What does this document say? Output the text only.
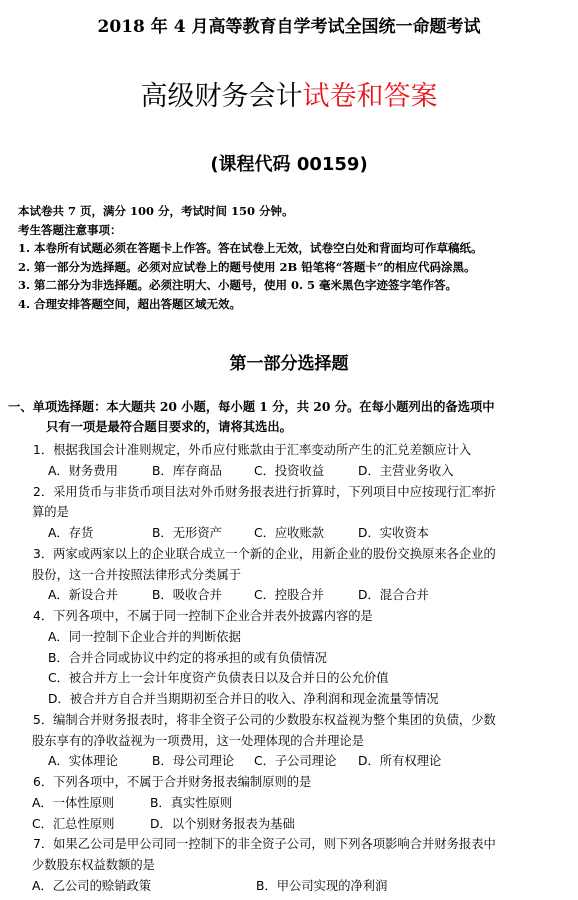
2018 年 4 月高等教育自学考试全国统一命题考试
高级财务会计试卷和答案
(课程代码 00159)
本试卷共 7 页，满分 100 分，考试时间 150 分钟。
考生答题注意事项：
1. 本卷所有试题必须在答题卡上作答。答在试卷上无效，试卷空白处和背面均可作草稿纸。
2. 第一部分为选择题。必须对应试卷上的题号使用 2B 铅笔将“答题卡”的相应代码涂黑。
3. 第二部分为非选择题。必须注明大、小题号，使用 0. 5 毫米黑色字迹签字笔作答。
4. 合理安排答题空间，超出答题区域无效。
第一部分选择题
一、单项选择题：本大题共 20 小题，每小题 1 分，共 20 分。在每小题列出的备选项中
只有一项是最符合题目要求的，请将其选出。
1．根据我国会计准则规定，外币应付账款由于汇率变动所产生的汇兑差额应计入
A．财务费用	B．库存商品	C．投资收益	D．主营业务收入
2．采用货币与非货币项目法对外币财务报表进行折算时，下列项目中应按现行汇率折
算的是
A．存货	B．无形资产	C．应收账款	D．实收资本
3．两家或两家以上的企业联合成立一个新的企业，用新企业的股份交换原来各企业的
股份，这一合并按照法律形式分类属于
A．新设合并	B．吸收合并	C．控股合并	D．混合合并
4．下列各项中，不属于同一控制下企业合并表外披露内容的是
A．同一控制下企业合并的判断依据
B．合并合同或协议中约定的将承担的或有负债情况
C．被合并方上一会计年度资产负债表日以及合并日的公允价值
D．被合并方自合并当期期初至合并日的收入、净利润和现金流量等情况
5．编制合并财务报表时，将非全资子公司的少数股东权益视为整个集团的负债，少数
股东享有的净收益视为一项费用，这一处理体现的合并理论是
A．实体理论	B．母公司理论 C．子公司理论 D．所有权理论
6．下列各项中，不属于合并财务报表编制原则的是
A．一体性原则	B．真实性原则
C．汇总性原则	D．以个别财务报表为基础
7．如果乙公司是甲公司同一控制下的非全资子公司，则下列各项影响合并财务报表中
少数股东权益数额的是
A．乙公司的赊销政策	B．甲公司实现的净利润
